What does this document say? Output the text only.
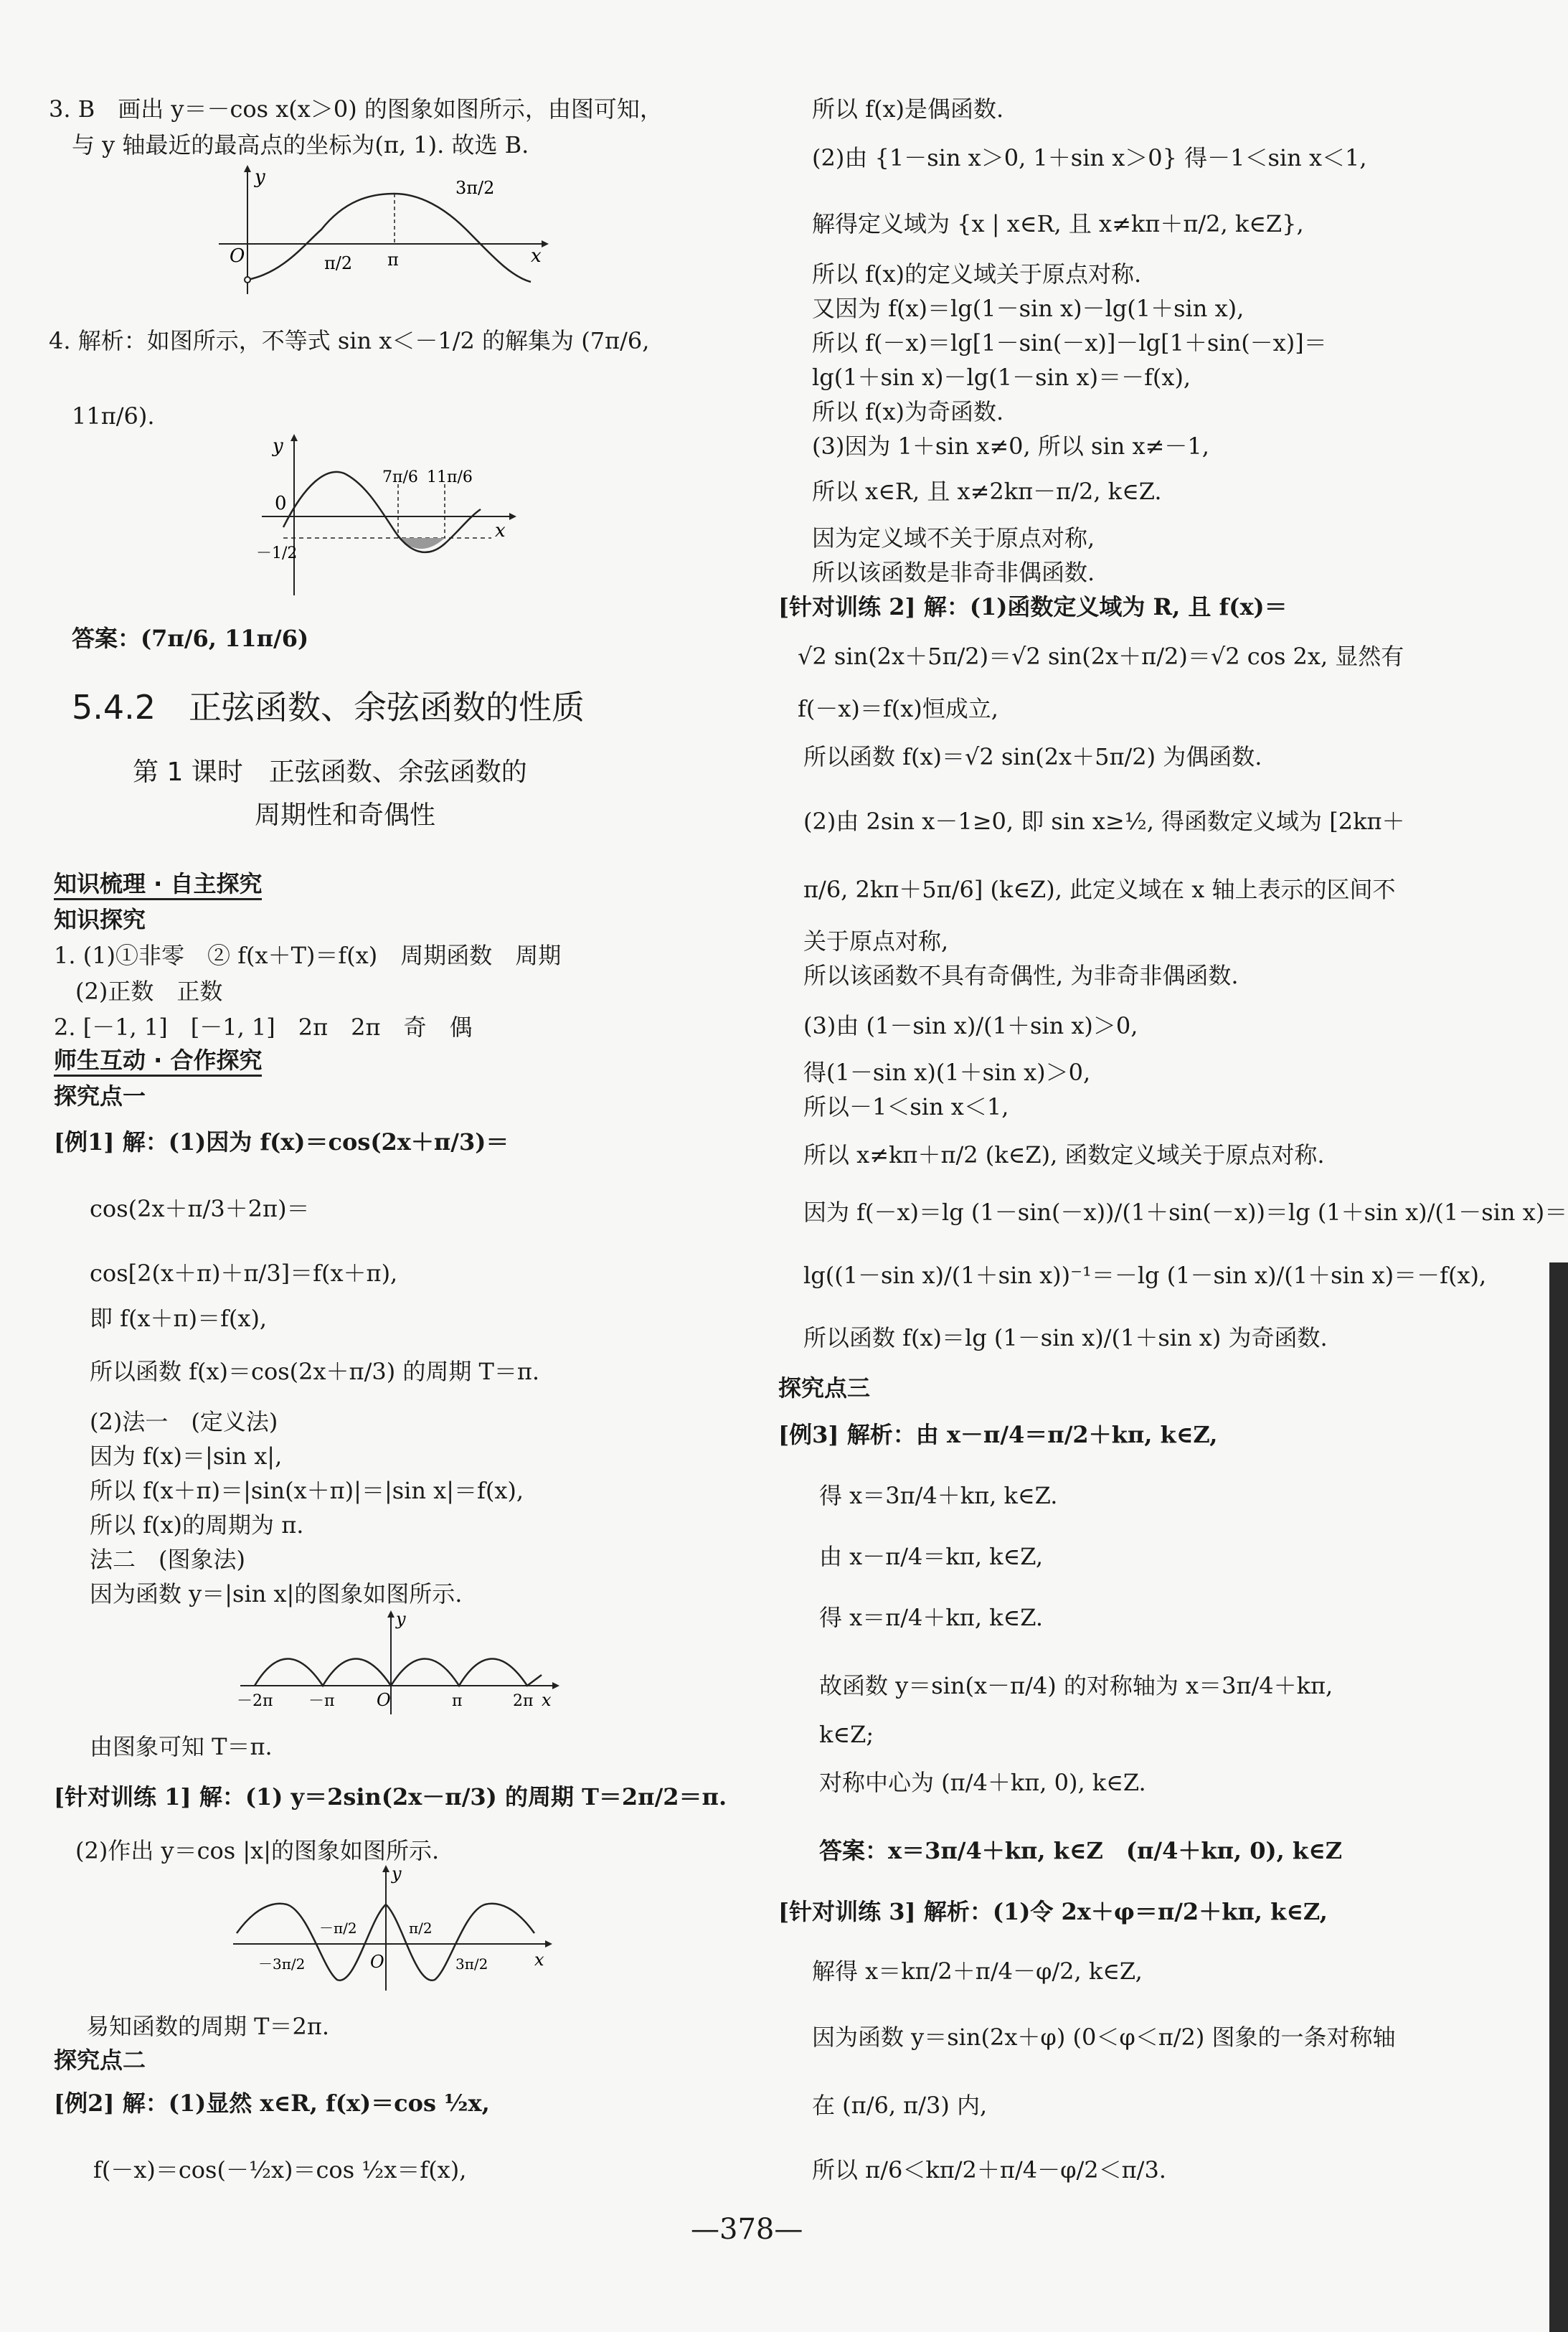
3. B　画出 y＝－cos x(x＞0) 的图象如图所示，由图可知，
与 y 轴最近的最高点的坐标为(π, 1). 故选 B.
y
x
O	π/2 π
3π/2
4. 解析：如图所示，不等式 sin x＜－1/2 的解集为 (7π/6,
11π/6).
y
x
0
7π/6 11π/6
－1/2
答案：(7π/6, 11π/6)
5.4.2　正弦函数、余弦函数的性质
第 1 课时　正弦函数、余弦函数的
周期性和奇偶性
知识梳理 · 自主探究
知识探究
1. (1)①非零　② f(x＋T)＝f(x)　周期函数　周期
(2)正数　正数
2. [－1, 1]　[－1, 1]　2π　2π　奇　偶
师生互动 · 合作探究
探究点一
[例1] 解：(1)因为 f(x)＝cos(2x＋π/3)＝
cos(2x＋π/3＋2π)＝
cos[2(x＋π)＋π/3]＝f(x＋π),
即 f(x＋π)＝f(x),
所以函数 f(x)＝cos(2x＋π/3) 的周期 T＝π.
(2)法一　(定义法)
因为 f(x)＝|sin x|,
所以 f(x＋π)＝|sin(x＋π)|＝|sin x|＝f(x),
所以 f(x)的周期为 π.
法二　(图象法)
因为函数 y＝|sin x|的图象如图所示.
y
x
O
－2π －π	π	2π
由图象可知 T＝π.
[针对训练 1] 解：(1) y＝2sin(2x－π/3) 的周期 T＝2π/2＝π.
(2)作出 y＝cos |x|的图象如图所示.
y
x
O
－3π/2
－π/2	π/2
3π/2
易知函数的周期 T＝2π.
探究点二
[例2] 解：(1)显然 x∈R, f(x)＝cos ½x,
f(－x)＝cos(－½x)＝cos ½x＝f(x),
所以 f(x)是偶函数.
(2)由 {1－sin x＞0, 1＋sin x＞0} 得－1＜sin x＜1,
解得定义域为 {x | x∈R, 且 x≠kπ＋π/2, k∈Z},
所以 f(x)的定义域关于原点对称.
又因为 f(x)＝lg(1－sin x)－lg(1＋sin x),
所以 f(－x)＝lg[1－sin(－x)]－lg[1＋sin(－x)]＝
lg(1＋sin x)－lg(1－sin x)＝－f(x),
所以 f(x)为奇函数.
(3)因为 1＋sin x≠0, 所以 sin x≠－1,
所以 x∈R, 且 x≠2kπ－π/2, k∈Z.
因为定义域不关于原点对称,
所以该函数是非奇非偶函数.
[针对训练 2] 解：(1)函数定义域为 R, 且 f(x)＝
√2 sin(2x＋5π/2)＝√2 sin(2x＋π/2)＝√2 cos 2x, 显然有
f(－x)＝f(x)恒成立,
所以函数 f(x)＝√2 sin(2x＋5π/2) 为偶函数.
(2)由 2sin x－1≥0, 即 sin x≥½, 得函数定义域为 [2kπ＋
π/6, 2kπ＋5π/6] (k∈Z), 此定义域在 x 轴上表示的区间不
关于原点对称,
所以该函数不具有奇偶性, 为非奇非偶函数.
(3)由 (1－sin x)/(1＋sin x)＞0,
得(1－sin x)(1＋sin x)＞0,
所以－1＜sin x＜1,
所以 x≠kπ＋π/2 (k∈Z), 函数定义域关于原点对称.
因为 f(－x)＝lg (1－sin(－x))/(1＋sin(－x))＝lg (1＋sin x)/(1－sin x)＝
lg((1－sin x)/(1＋sin x))⁻¹＝－lg (1－sin x)/(1＋sin x)＝－f(x),
所以函数 f(x)＝lg (1－sin x)/(1＋sin x) 为奇函数.
探究点三
[例3] 解析：由 x－π/4＝π/2＋kπ, k∈Z,
得 x＝3π/4＋kπ, k∈Z.
由 x－π/4＝kπ, k∈Z,
得 x＝π/4＋kπ, k∈Z.
故函数 y＝sin(x－π/4) 的对称轴为 x＝3π/4＋kπ,
k∈Z;
对称中心为 (π/4＋kπ, 0), k∈Z.
答案：x＝3π/4＋kπ, k∈Z　(π/4＋kπ, 0), k∈Z
[针对训练 3] 解析：(1)令 2x＋φ＝π/2＋kπ, k∈Z,
解得 x＝kπ/2＋π/4－φ/2, k∈Z,
因为函数 y＝sin(2x＋φ) (0＜φ＜π/2) 图象的一条对称轴
在 (π/6, π/3) 内,
所以 π/6＜kπ/2＋π/4－φ/2＜π/3.
—378—
